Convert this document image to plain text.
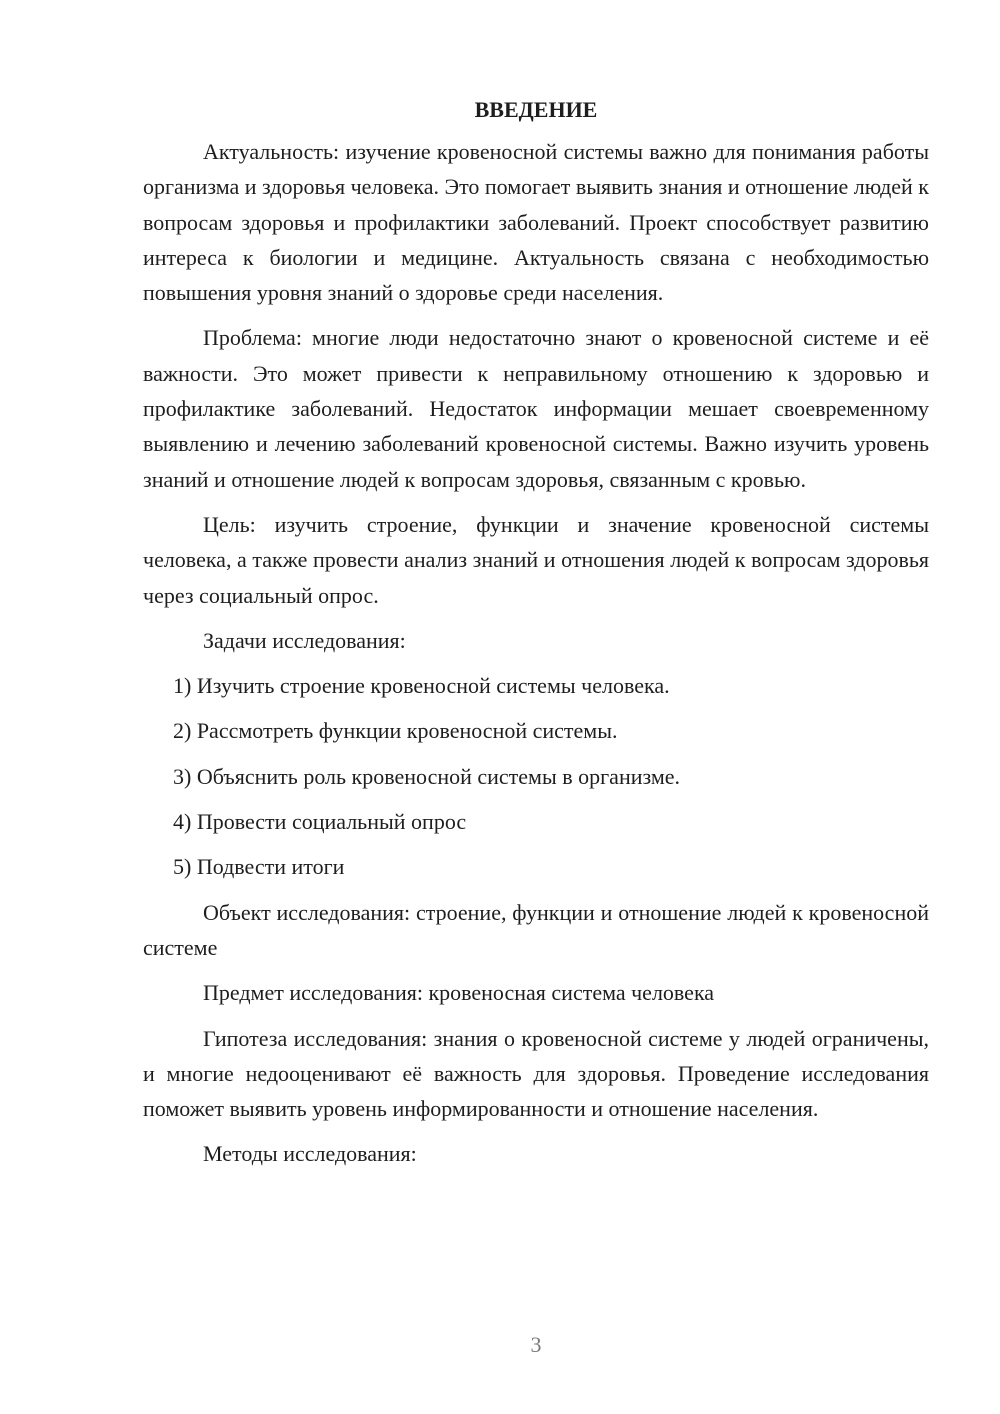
ВВЕДЕНИЕ

Актуальность: изучение кровеносной системы важно для понимания работы организма и здоровья человека. Это помогает выявить знания и отношение людей к вопросам здоровья и профилактики заболеваний. Проект способствует развитию интереса к биологии и медицине. Актуальность связана с необходимостью повышения уровня знаний о здоровье среди населения.

Проблема: многие люди недостаточно знают о кровеносной системе и её важности. Это может привести к неправильному отношению к здоровью и профилактике заболеваний. Недостаток информации мешает своевременному выявлению и лечению заболеваний кровеносной системы. Важно изучить уровень знаний и отношение людей к вопросам здоровья, связанным с кровью.

Цель: изучить строение, функции и значение кровеносной системы человека, а также провести анализ знаний и отношения людей к вопросам здоровья через социальный опрос.

Задачи исследования:

1) Изучить строение кровеносной системы человека.
2) Рассмотреть функции кровеносной системы.
3) Объяснить роль кровеносной системы в организме.
4) Провести социальный опрос
5) Подвести итоги

Объект исследования: строение, функции и отношение людей к кровеносной системе

Предмет исследования: кровеносная система человека

Гипотеза исследования: знания о кровеносной системе у людей ограничены, и многие недооценивают её важность для здоровья. Проведение исследования поможет выявить уровень информированности и отношение населения.

Методы исследования:

3
